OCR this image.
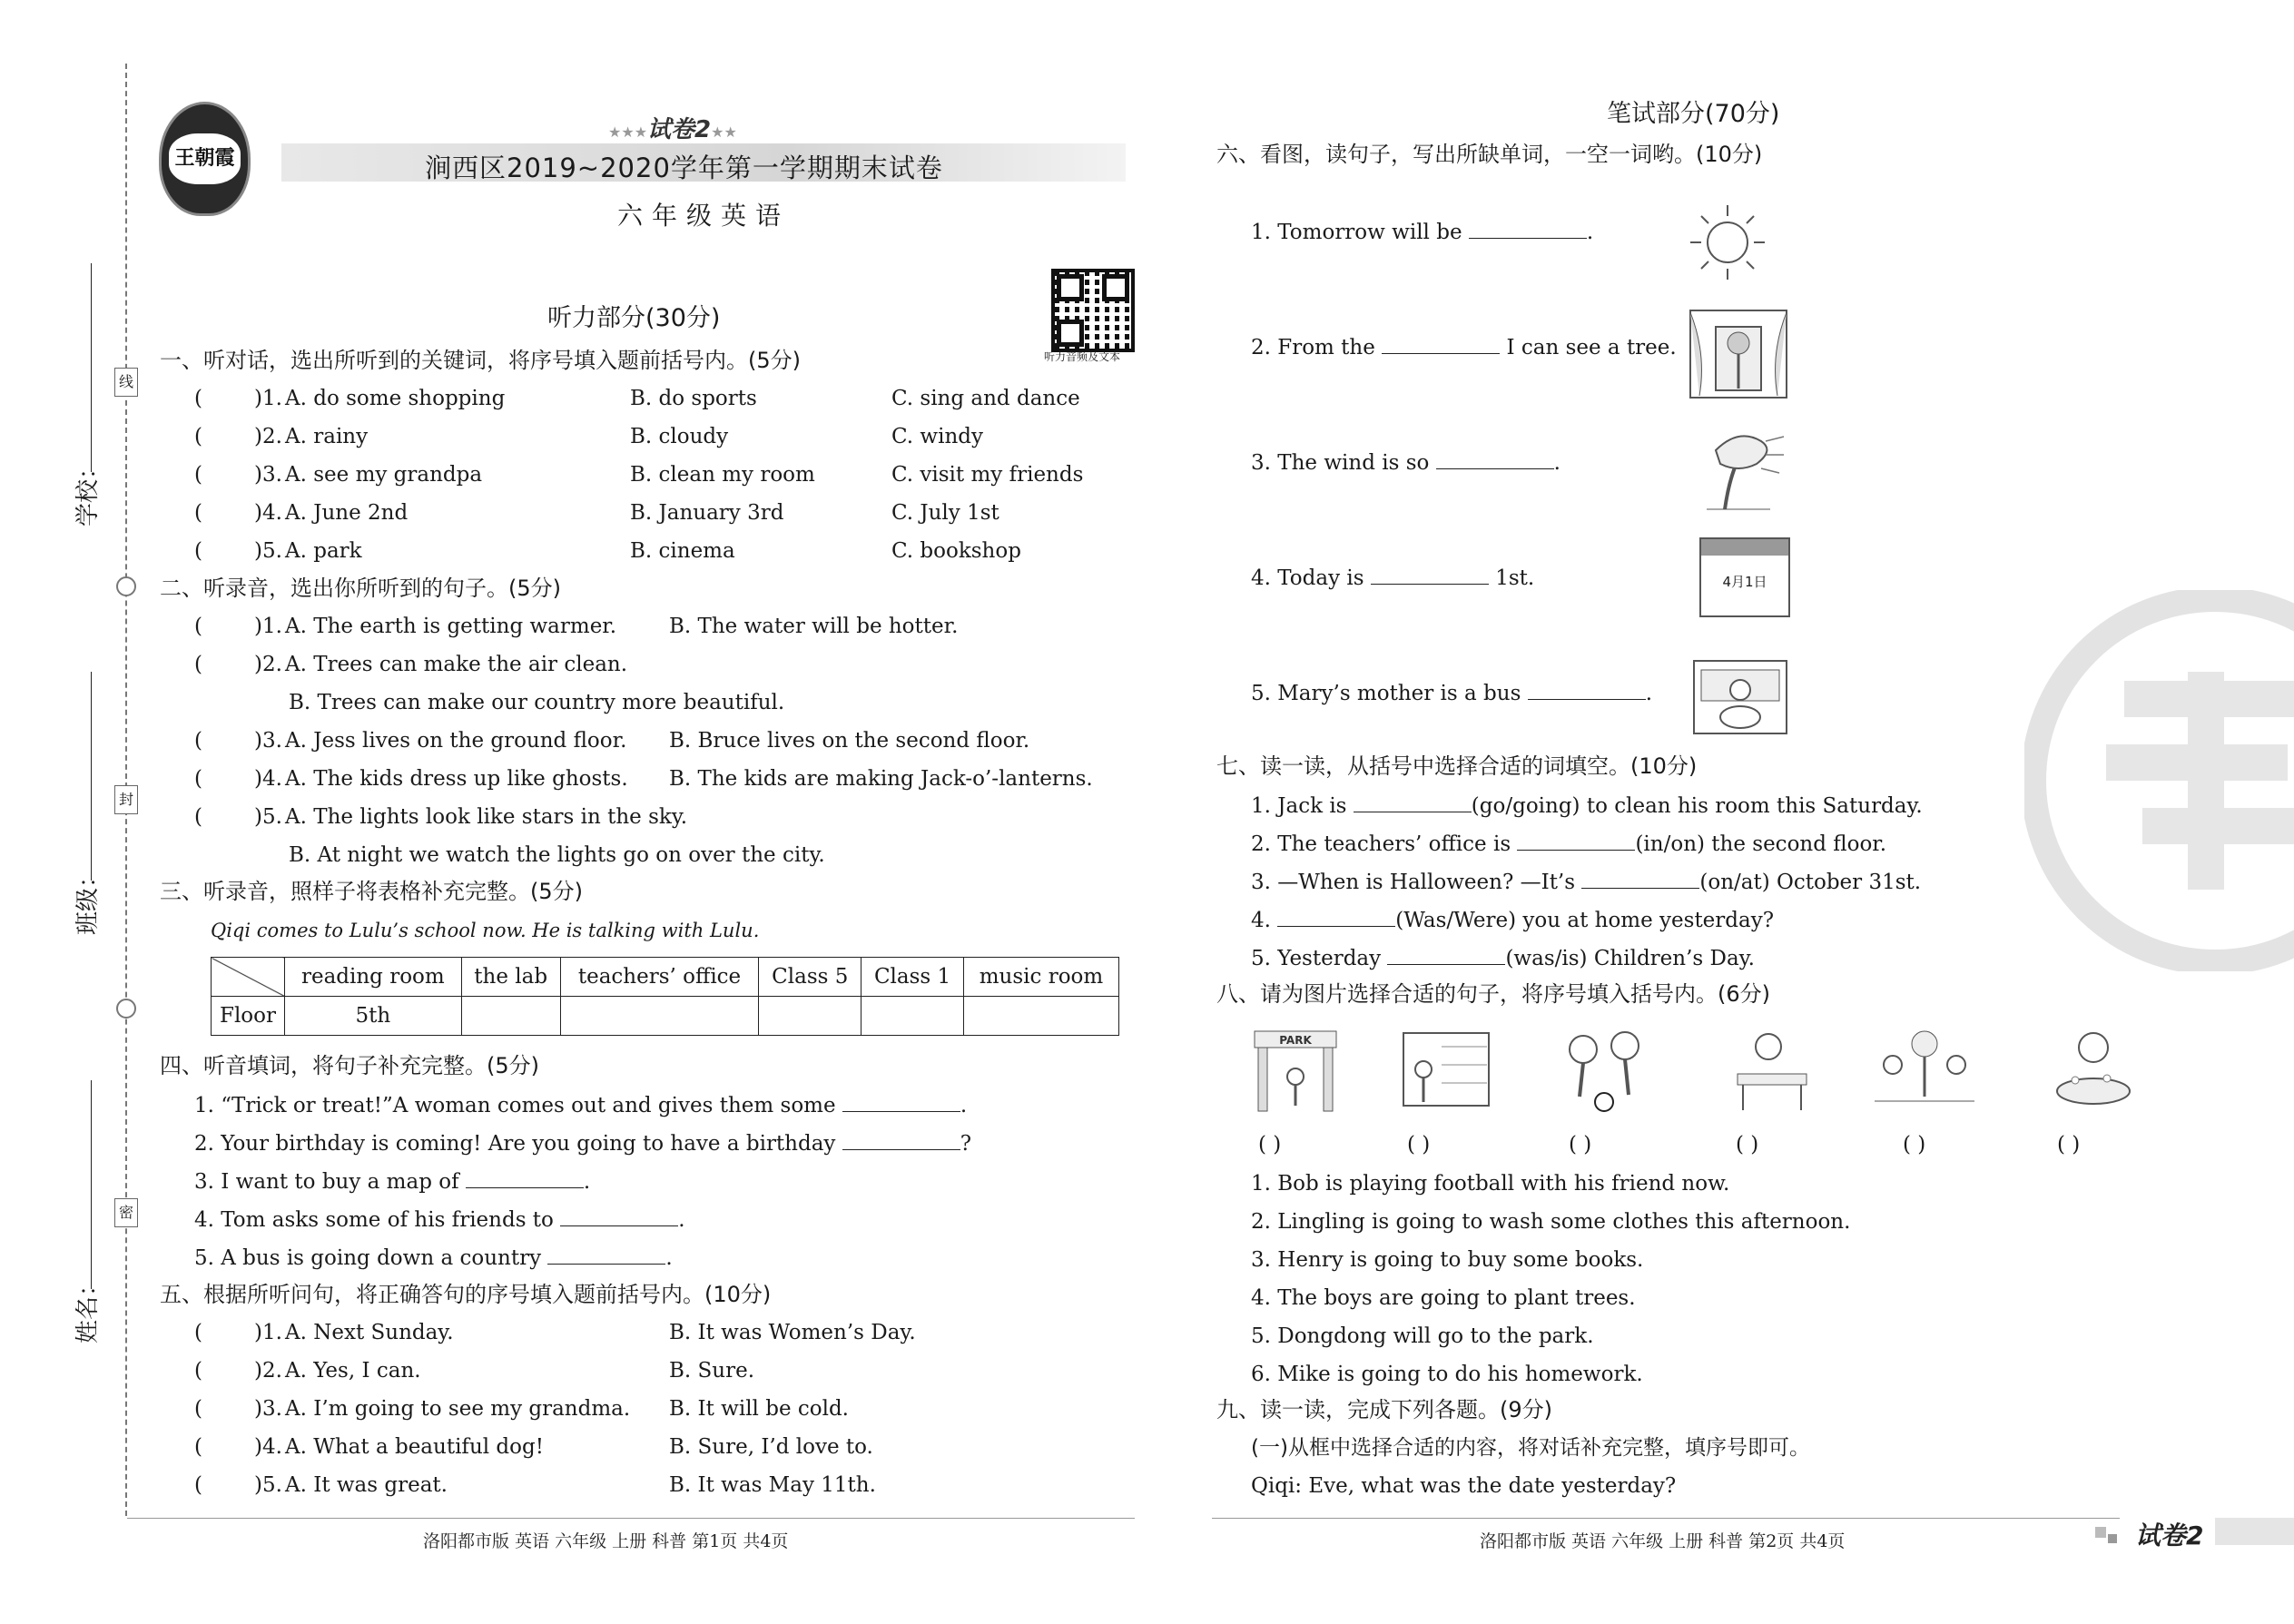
线
封
密
学校：
班级：
姓名：
王朝霞
★★★试卷2★★
涧西区2019~2020学年第一学期期末试卷
六年级英语
听力音频及文本
听力部分(30分)
一、听对话，选出所听到的关键词，将序号填入题前括号内。(5分)
( )1. A. do some shopping	B. do sports	C. sing and dance
( )2. A. rainy	B. cloudy	C. windy
( )3. A. see my grandpa	B. clean my room	C. visit my friends
( )4. A. June 2nd	B. January 3rd	C. July 1st
( )5. A. park	B. cinema	C. bookshop
二、听录音，选出你所听到的句子。(5分)
( )1. A. The earth is getting warmer.	B. The water will be hotter.
( )2. A. Trees can make the air clean.
B. Trees can make our country more beautiful.
( )3. A. Jess lives on the ground floor. B. Bruce lives on the second floor.
( )4. A. The kids dress up like ghosts. B. The kids are making Jack-o’-lanterns.
( )5. A. The lights look like stars in the sky.
B. At night we watch the lights go on over the city.
三、听录音，照样子将表格补充完整。(5分)
Qiqi comes to Lulu’s school now. He is talking with Lulu.
	reading room	the lab	teachers’ office	Class 5	Class 1	music room
Floor	5th					
四、听音填词，将句子补充完整。(5分)
1. “Trick or treat!”A woman comes out and gives them some	.
2. Your birthday is coming! Are you going to have a birthday	?
3. I want to buy a map of	.
4. Tom asks some of his friends to	.
5. A bus is going down a country	.
五、根据所听问句，将正确答句的序号填入题前括号内。(10分)
( )1. A. Next Sunday.	B. It was Women’s Day.
( )2. A. Yes, I can.	B. Sure.
( )3. A. I’m going to see my grandma. B. It will be cold.
( )4. A. What a beautiful dog!	B. Sure, I’d love to.
( )5. A. It was great.	B. It was May 11th.
洛阳都市版 英语 六年级 上册 科普 第1页 共4页
笔试部分(70分)
六、看图，读句子，写出所缺单词，一空一词哟。(10分)
1. Tomorrow will be	.
2. From the	I can see a tree.
3. The wind is so	.
4. Today is	1st.
5. Mary’s mother is a bus	.
4月1日
七、读一读，从括号中选择合适的词填空。(10分)
1. Jack is	(go/going) to clean his room this Saturday.
2. The teachers’ office is	(in/on) the second floor.
3. —When is Halloween? —It’s	(on/at) October 31st.
4.	(Was/Were) you at home yesterday?
5. Yesterday	(was/is) Children’s Day.
八、请为图片选择合适的句子，将序号填入括号内。(6分)
PARK
( )	( )	( )	( )	( )	( )
1. Bob is playing football with his friend now.
2. Lingling is going to wash some clothes this afternoon.
3. Henry is going to buy some books.
4. The boys are going to plant trees.
5. Dongdong will go to the park.
6. Mike is going to do his homework.
九、读一读，完成下列各题。(9分)
(一)从框中选择合适的内容，将对话补充完整，填序号即可。
Qiqi: Eve, what was the date yesterday?
洛阳都市版 英语 六年级 上册 科普 第2页 共4页	试卷2
